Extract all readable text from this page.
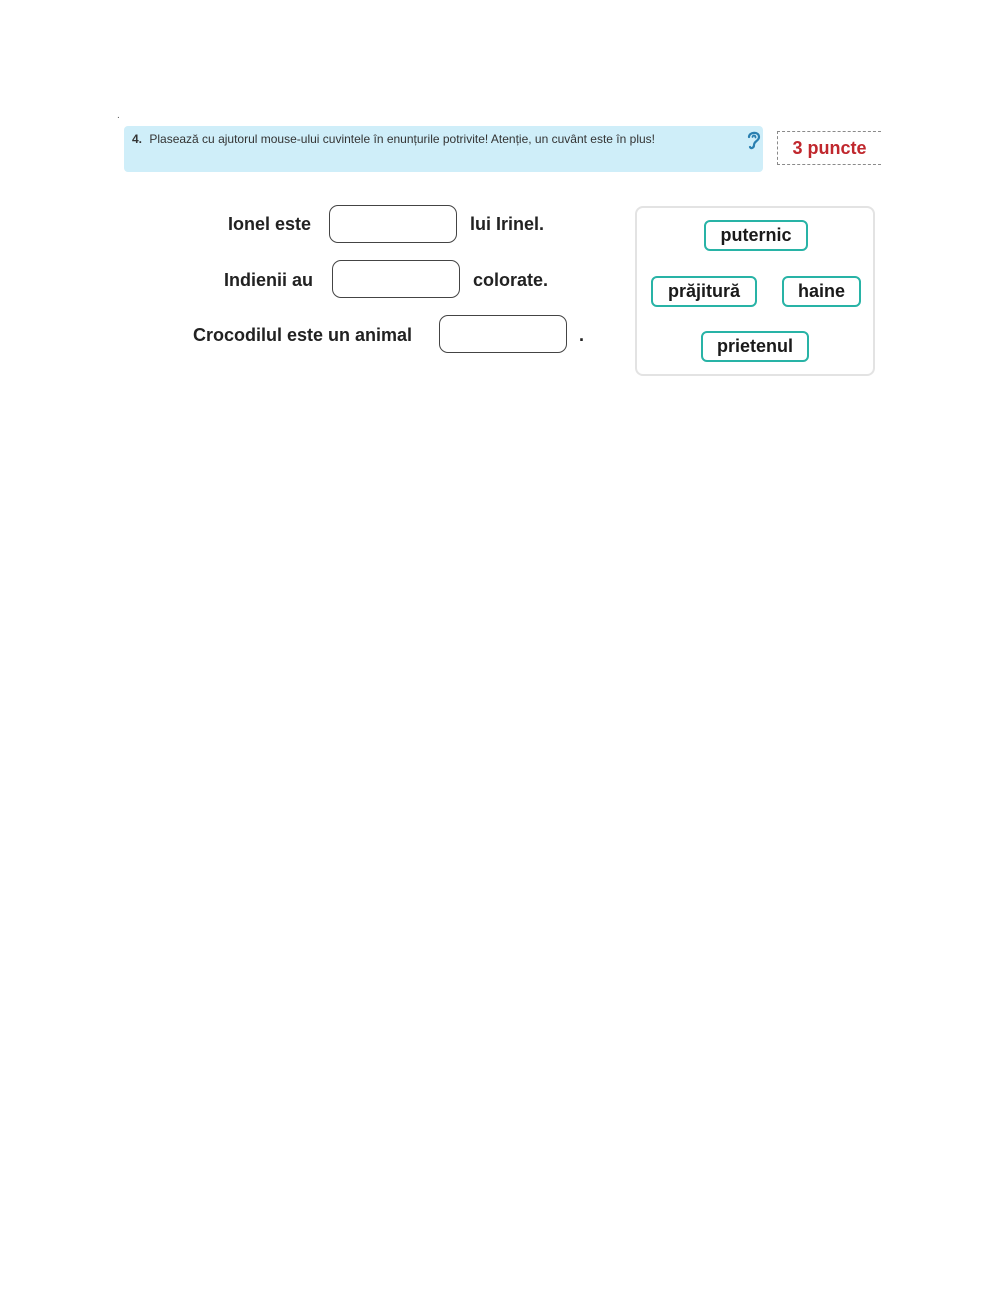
.
4. Plasează cu ajutorul mouse-ului cuvintele în enunțurile potrivite! Atenție, un cuvânt este în plus!	3 puncte
Ionel este	lui Irinel.
Indienii au	colorate.
Crocodilul este un animal	.
puternic
prăjitură	haine
prietenul
